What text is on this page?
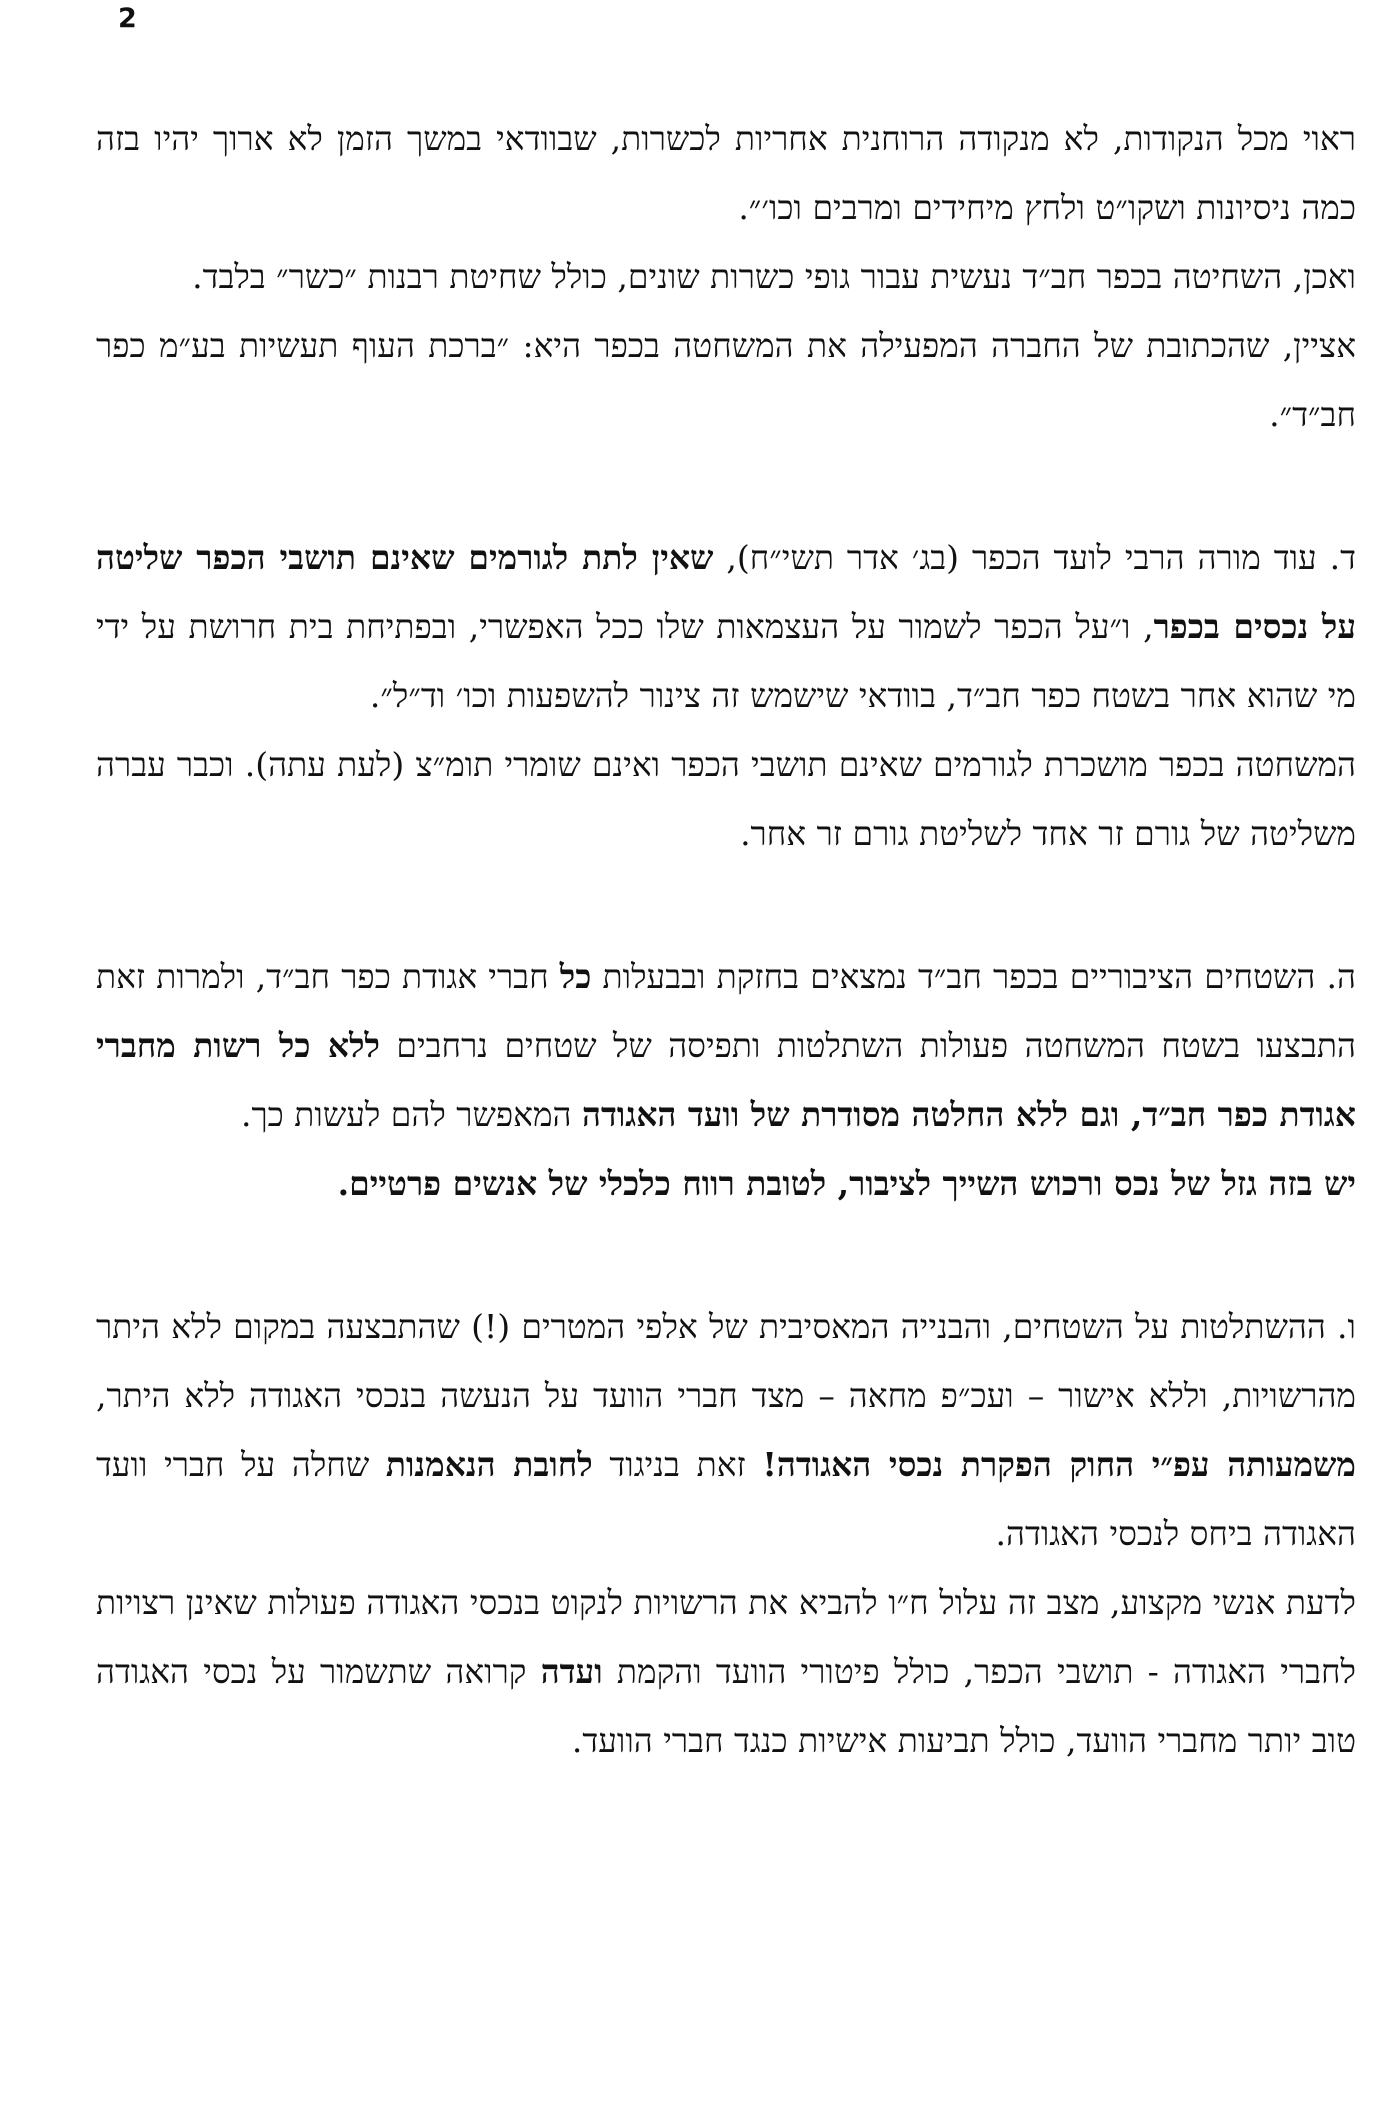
2

ראוי מכל הנקודות, לא מנקודה הרוחנית אחריות לכשרות, שבוודאי במשך הזמן לא ארוך יהיו בזה כמה ניסיונות ושקו״ט ולחץ מיחידים ומרבים וכו׳״.

ואכן, השחיטה בכפר חב״ד נעשית עבור גופי כשרות שונים, כולל שחיטת רבנות ״כשר״ בלבד.

אציין, שהכתובת של החברה המפעילה את המשחטה בכפר היא: ״ברכת העוף תעשיות בע״מ כפר חב״ד״.

ד. עוד מורה הרבי לועד הכפר (בג׳ אדר תשי״ח), שאין לתת לגורמים שאינם תושבי הכפר שליטה על נכסים בכפר, ו״על הכפר לשמור על העצמאות שלו ככל האפשרי, ובפתיחת בית חרושת על ידי מי שהוא אחר בשטח כפר חב״ד, בוודאי שישמש זה צינור להשפעות וכו׳ וד״ל״.

המשחטה בכפר מושכרת לגורמים שאינם תושבי הכפר ואינם שומרי תומ״צ (לעת עתה). וכבר עברה משליטה של גורם זר אחד לשליטת גורם זר אחר.

ה. השטחים הציבוריים בכפר חב״ד נמצאים בחזקת ובבעלות כל חברי אגודת כפר חב״ד, ולמרות זאת התבצעו בשטח המשחטה פעולות השתלטות ותפיסה של שטחים נרחבים ללא כל רשות מחברי אגודת כפר חב״ד, וגם ללא החלטה מסודרת של וועד האגודה המאפשר להם לעשות כך.

יש בזה גזל של נכס ורכוש השייך לציבור, לטובת רווח כלכלי של אנשים פרטיים.

ו. ההשתלטות על השטחים, והבנייה המאסיבית של אלפי המטרים (!) שהתבצעה במקום ללא היתר מהרשויות, וללא אישור – ועכ״פ מחאה – מצד חברי הוועד על הנעשה בנכסי האגודה ללא היתר, משמעותה עפ״י החוק הפקרת נכסי האגודה! זאת בניגוד לחובת הנאמנות שחלה על חברי וועד האגודה ביחס לנכסי האגודה.

לדעת אנשי מקצוע, מצב זה עלול ח״ו להביא את הרשויות לנקוט בנכסי האגודה פעולות שאינן רצויות לחברי האגודה - תושבי הכפר, כולל פיטורי הוועד והקמת ועדה קרואה שתשמור על נכסי האגודה טוב יותר מחברי הוועד, כולל תביעות אישיות כנגד חברי הוועד.
